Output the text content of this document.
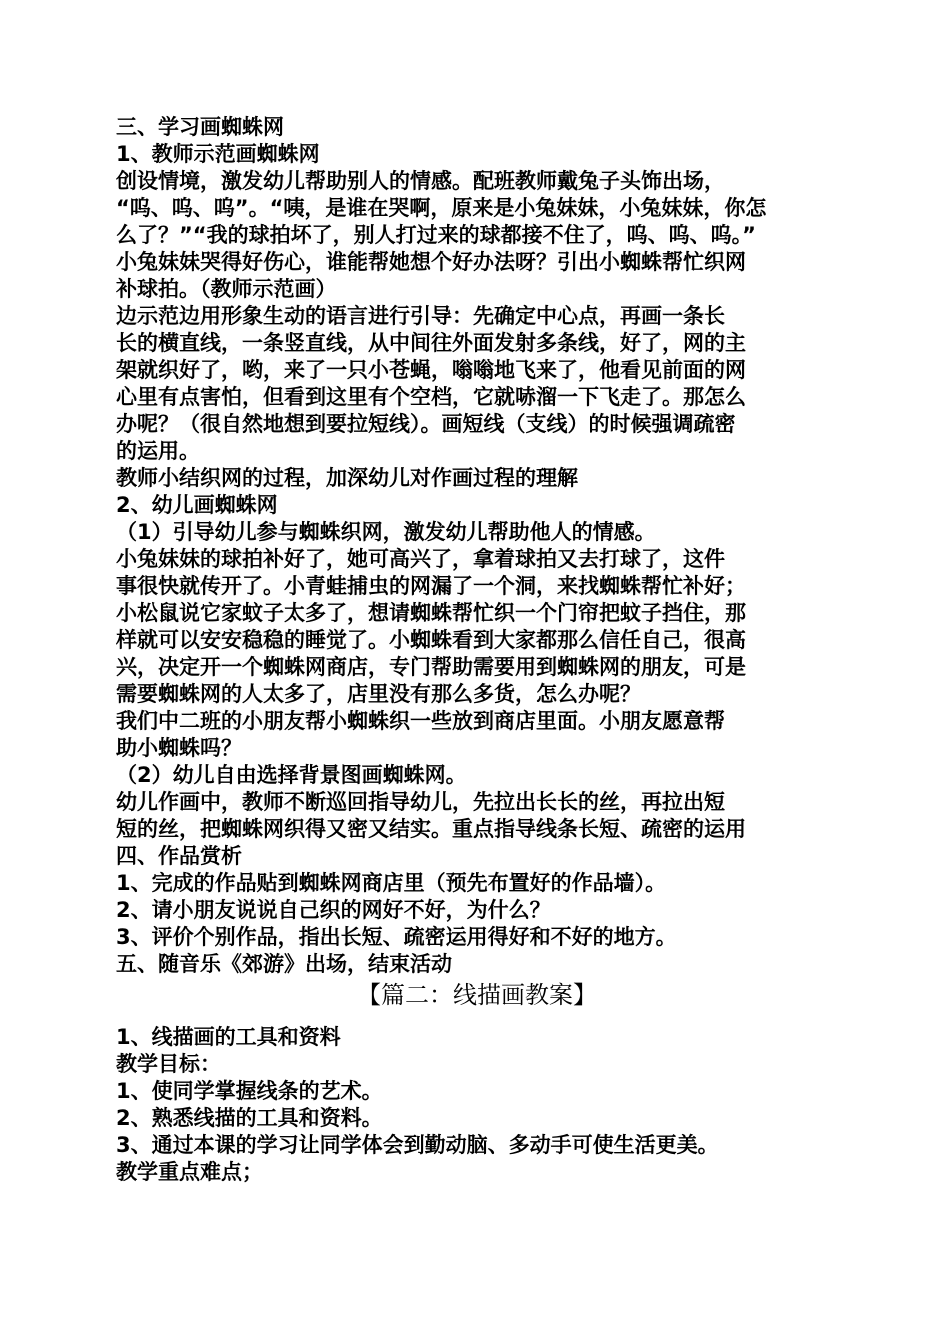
三、学习画蜘蛛网
1、教师示范画蜘蛛网
创设情境，激发幼儿帮助别人的情感。配班教师戴兔子头饰出场，
“呜、呜、呜”。“咦，是谁在哭啊，原来是小兔妹妹，小兔妹妹，你怎
么了？”“我的球拍坏了，别人打过来的球都接不住了，呜、呜、呜。”
小兔妹妹哭得好伤心，谁能帮她想个好办法呀？引出小蜘蛛帮忙织网
补球拍。（教师示范画）
边示范边用形象生动的语言进行引导：先确定中心点，再画一条长
长的横直线，一条竖直线，从中间往外面发射多条线，好了，网的主
架就织好了，哟，来了一只小苍蝇，嗡嗡地飞来了，他看见前面的网
心里有点害怕，但看到这里有个空档，它就哧溜一下飞走了。那怎么
办呢？（很自然地想到要拉短线）。画短线（支线）的时候强调疏密
的运用。
教师小结织网的过程，加深幼儿对作画过程的理解
2、幼儿画蜘蛛网
（1）引导幼儿参与蜘蛛织网，激发幼儿帮助他人的情感。
小兔妹妹的球拍补好了，她可高兴了，拿着球拍又去打球了，这件
事很快就传开了。小青蛙捕虫的网漏了一个洞，来找蜘蛛帮忙补好；
小松鼠说它家蚊子太多了，想请蜘蛛帮忙织一个门帘把蚊子挡住，那
样就可以安安稳稳的睡觉了。小蜘蛛看到大家都那么信任自己，很高
兴，决定开一个蜘蛛网商店，专门帮助需要用到蜘蛛网的朋友，可是
需要蜘蛛网的人太多了，店里没有那么多货，怎么办呢？
我们中二班的小朋友帮小蜘蛛织一些放到商店里面。小朋友愿意帮
助小蜘蛛吗？
（2）幼儿自由选择背景图画蜘蛛网。
幼儿作画中，教师不断巡回指导幼儿，先拉出长长的丝，再拉出短
短的丝，把蜘蛛网织得又密又结实。重点指导线条长短、疏密的运用
四、作品赏析
1、完成的作品贴到蜘蛛网商店里（预先布置好的作品墙）。
2、请小朋友说说自己织的网好不好，为什么？
3、评价个别作品，指出长短、疏密运用得好和不好的地方。
五、随音乐《郊游》出场，结束活动
【篇二：线描画教案】
1、线描画的工具和资料
教学目标：
1、使同学掌握线条的艺术。
2、熟悉线描的工具和资料。
3、通过本课的学习让同学体会到勤动脑、多动手可使生活更美。
教学重点难点；
